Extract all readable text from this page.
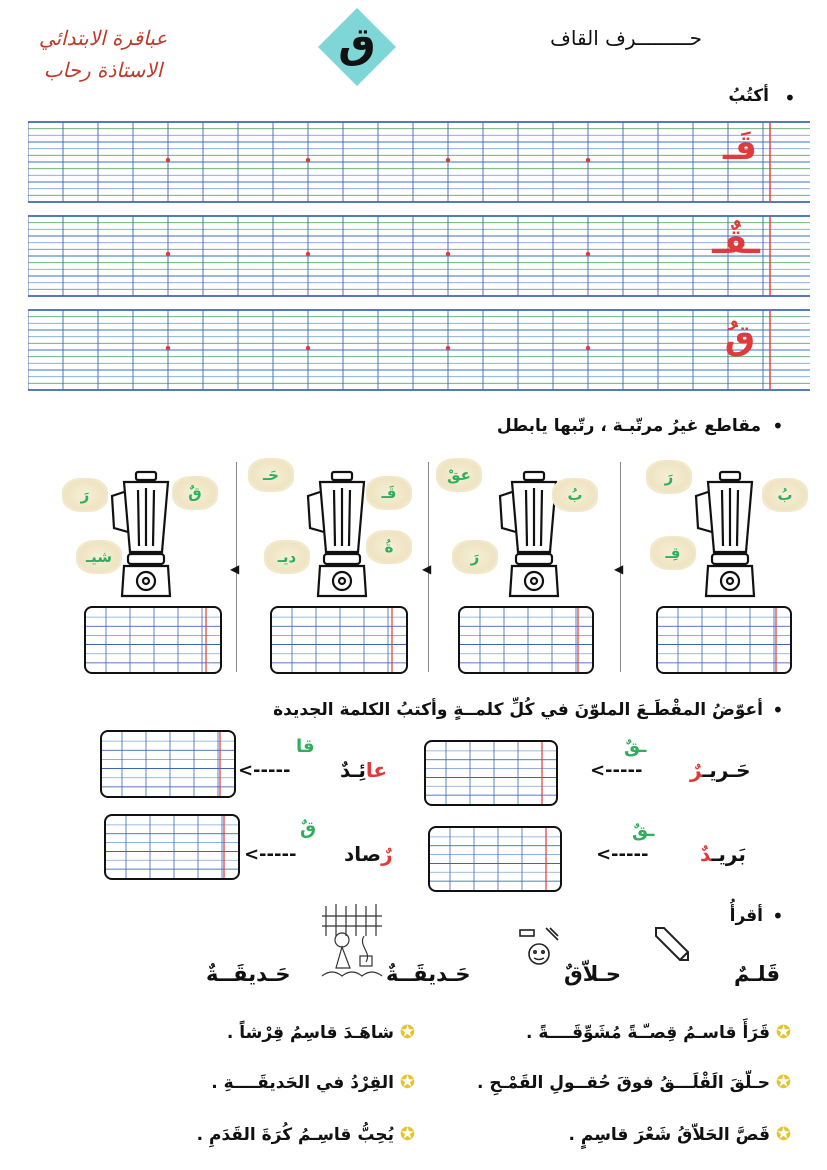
عباقرة الابتدائي
الاستاذة رحاب
ق	حـــــــــرف القاف
•
أكتُبُ
قَـ
ـقٌـ
قُ
•
مقاطع غيرُ مرتّبـة ، رتّبها يابطل
◀	◀	◀
بُ
رَ
قِـ
عقْ
بُ
رَ
حَـ
قَـ
ةُ
ديـ
قٌ
رَ
شيـ
•
أعوّضُ المقْطَـعَ الملوّنَ في كُلِّ كلمــةٍ وأكتبُ الكلمة الجديدة
ـقٌ
حَـريـرٌ
----->
قا
عائِـدٌ
----->
ـقٌ
بَريـدٌ
----->
قٌ
رٌصاد
----->
•
أقرأُ
قَلـمٌ
حـلاّقٌ
حَـديقَــةٌ
حَـديقَــةٌ
✪ قَرَأَ قاسـمُ قِصـّـةً مُشَوِّقَــــةً .
✪ حـلّقَ الَقْلَـــقُ فوقَ حُقــولِ القَمْـحِ .
✪ قَصَّ الحَلاّقُ شَعْرَ قاسِمٍ .
✪ شاهَـدَ قاسِمُ قِرْشاً .
✪ القِرْدُ في الحَديقَــــةِ .
✪ يُحِبُّ قاسِـمُ كُرَةَ القَدَمِ .
